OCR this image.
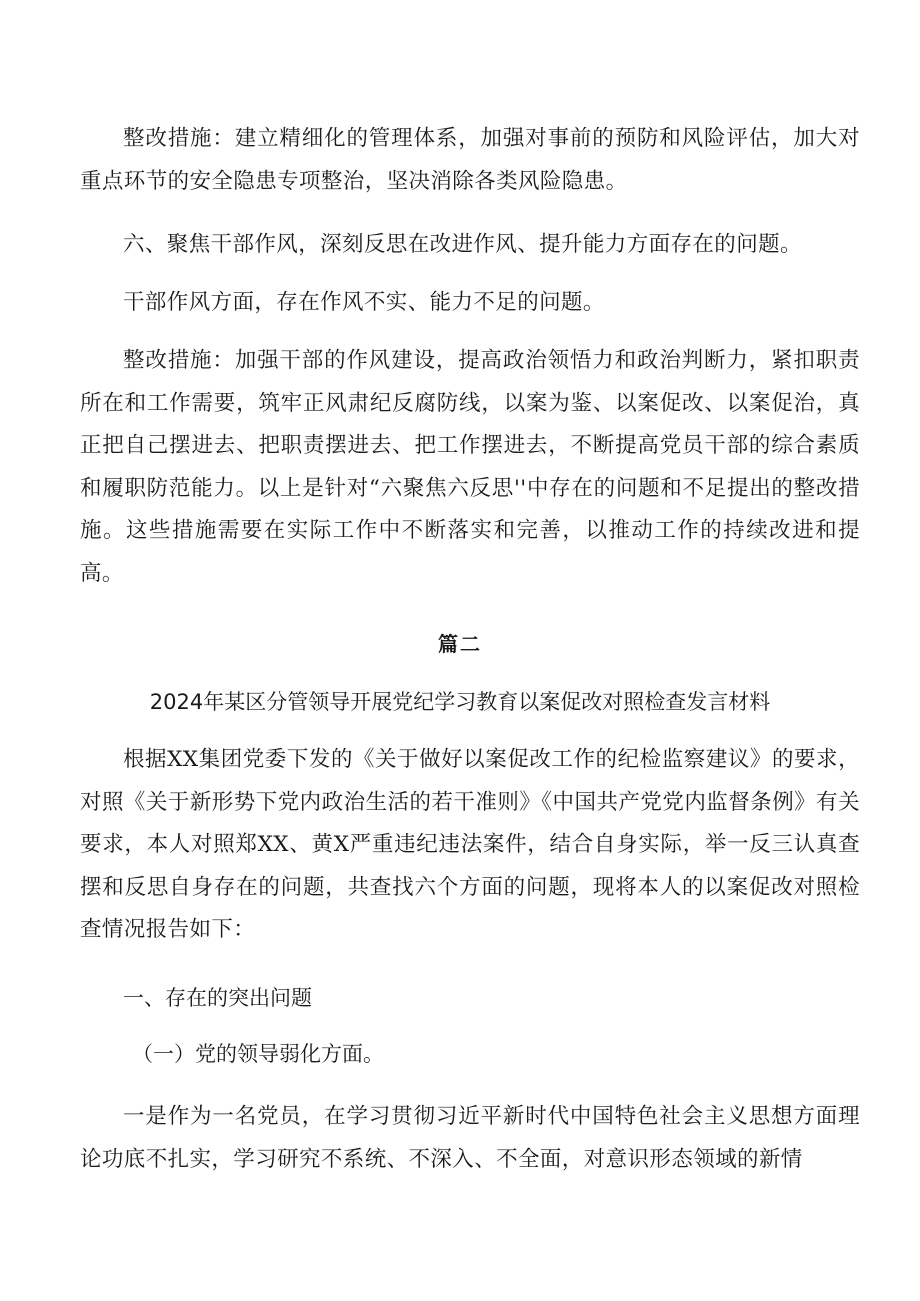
整改措施：建立精细化的管理体系，加强对事前的预防和风险评估，加大对重点环节的安全隐患专项整治，坚决消除各类风险隐患。

六、聚焦干部作风，深刻反思在改进作风、提升能力方面存在的问题。

干部作风方面，存在作风不实、能力不足的问题。

整改措施：加强干部的作风建设，提高政治领悟力和政治判断力，紧扣职责所在和工作需要，筑牢正风肃纪反腐防线，以案为鉴、以案促改、以案促治，真正把自己摆进去、把职责摆进去、把工作摆进去，不断提高党员干部的综合素质和履职防范能力。以上是针对“六聚焦六反思''中存在的问题和不足提出的整改措施。这些措施需要在实际工作中不断落实和完善，以推动工作的持续改进和提高。

篇二

2024年某区分管领导开展党纪学习教育以案促改对照检查发言材料

根据XX集团党委下发的《关于做好以案促改工作的纪检监察建议》的要求，对照《关于新形势下党内政治生活的若干准则》《中国共产党党内监督条例》有关要求，本人对照郑XX、黄X严重违纪违法案件，结合自身实际，举一反三认真查摆和反思自身存在的问题，共查找六个方面的问题，现将本人的以案促改对照检查情况报告如下：

一、存在的突出问题

（一）党的领导弱化方面。

一是作为一名党员，在学习贯彻习近平新时代中国特色社会主义思想方面理论功底不扎实，学习研究不系统、不深入、不全面，对意识形态领域的新情
